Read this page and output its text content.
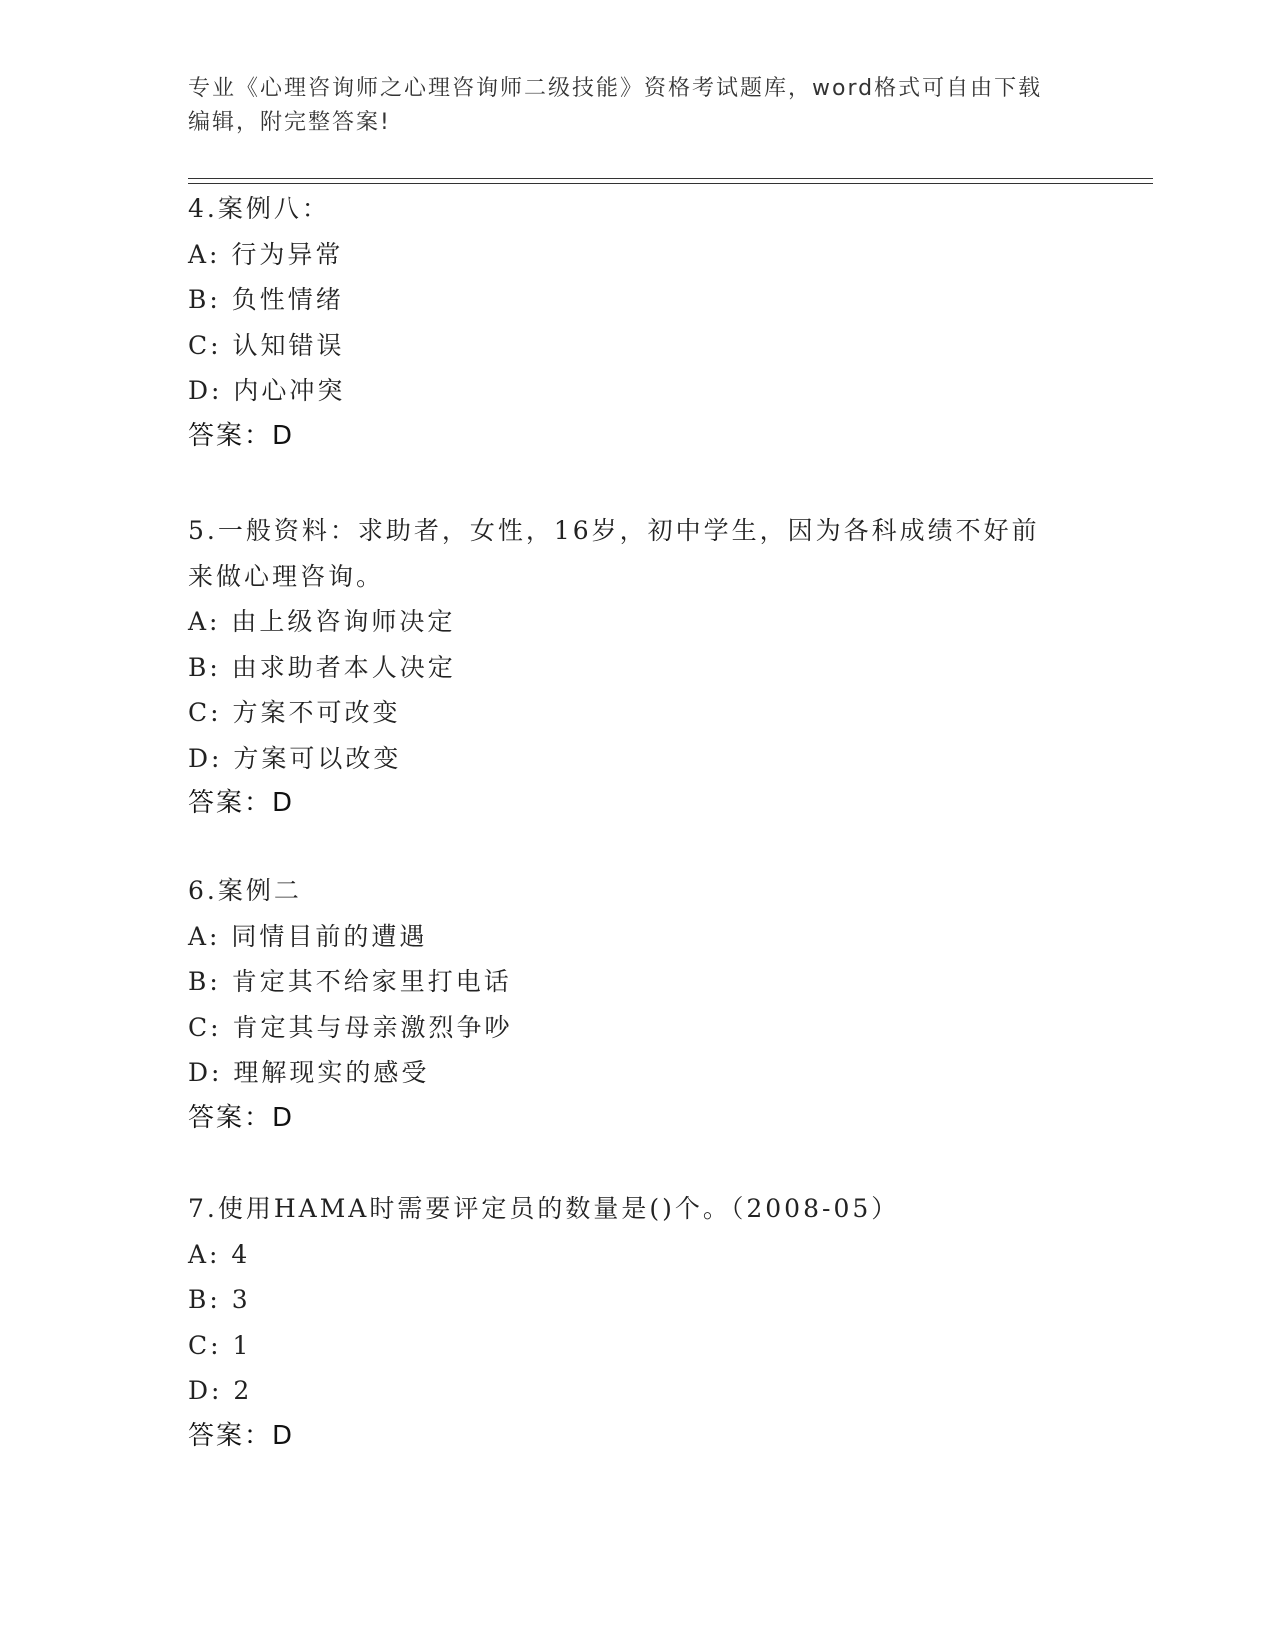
专业《心理咨询师之心理咨询师二级技能》资格考试题库，word格式可自由下载
编辑，附完整答案!
4.案例八：
A: 行为异常
B: 负性情绪
C: 认知错误
D: 内心冲突
答案：D
5.一般资料：求助者，女性，16岁，初中学生，因为各科成绩不好前
来做心理咨询。
A: 由上级咨询师决定
B: 由求助者本人决定
C: 方案不可改变
D: 方案可以改变
答案：D
6.案例二
A: 同情目前的遭遇
B: 肯定其不给家里打电话
C: 肯定其与母亲激烈争吵
D: 理解现实的感受
答案：D
7.使用HAMA时需要评定员的数量是()个。（2008-05）
A: 4
B: 3
C: 1
D: 2
答案：D
